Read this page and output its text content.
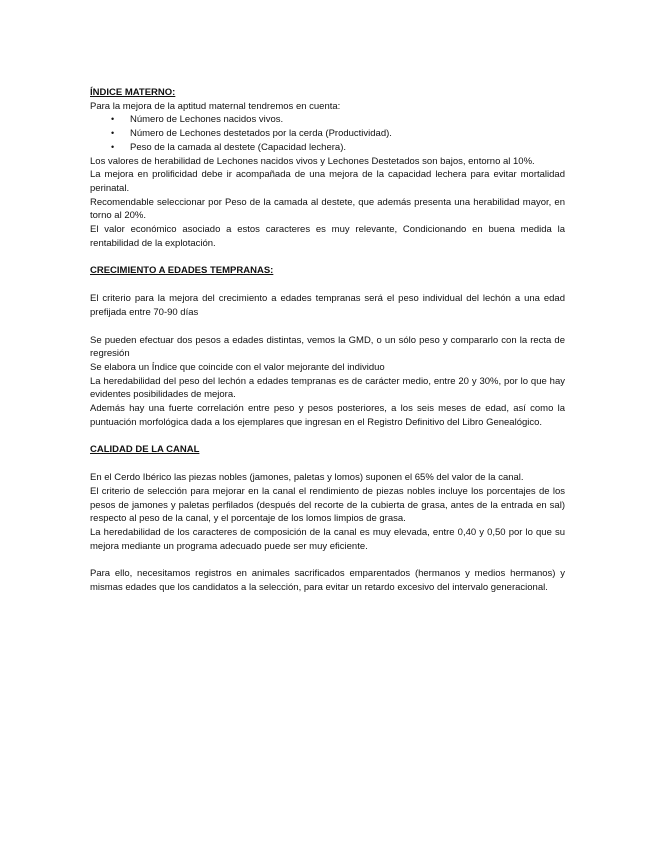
ÍNDICE MATERNO:

Para la mejora de la aptitud maternal tendremos en cuenta:

• Número de Lechones nacidos vivos.
• Número de Lechones destetados por la cerda (Productividad).
• Peso de la camada al destete (Capacidad lechera).

Los valores de herabilidad de Lechones nacidos vivos y Lechones Destetados son bajos, entorno al 10%.

La mejora en prolificidad debe ir acompañada de una mejora de la capacidad lechera para evitar mortalidad perinatal.

Recomendable seleccionar por Peso de la camada al destete, que además presenta una herabilidad mayor, en torno al 20%.

El valor económico asociado a estos caracteres es muy relevante, Condicionando en buena medida la rentabilidad de la explotación.

CRECIMIENTO A EDADES TEMPRANAS:

El criterio para la mejora del crecimiento a edades tempranas será el peso individual del lechón a una edad prefijada entre 70-90 días

Se pueden efectuar dos pesos a edades distintas, vemos la GMD, o un sólo peso y compararlo con la recta de regresión

Se elabora un Índice que coincide con el valor mejorante del individuo

La heredabilidad del peso del lechón a edades tempranas es de carácter medio, entre 20 y 30%, por lo que hay evidentes posibilidades de mejora.

Además hay una fuerte correlación entre peso y pesos posteriores, a los seis meses de edad, así como la puntuación morfológica dada a los ejemplares que ingresan en el Registro Definitivo del Libro Genealógico.

CALIDAD DE LA CANAL

En el Cerdo Ibérico las piezas nobles (jamones, paletas y lomos) suponen el 65% del valor de la canal.

El criterio de selección para mejorar en la canal el rendimiento de piezas nobles incluye los porcentajes de los pesos de jamones y paletas perfilados (después del recorte de la cubierta de grasa, antes de la entrada en sal) respecto al peso de la canal, y el porcentaje de los lomos limpios de grasa.

La heredabilidad de los caracteres de composición de la canal es muy elevada, entre 0,40 y 0,50 por lo que su mejora mediante un programa adecuado puede ser muy eficiente.

Para ello, necesitamos registros en animales sacrificados emparentados (hermanos y medios hermanos) y mismas edades que los candidatos a la selección, para evitar un retardo excesivo del intervalo generacional.
